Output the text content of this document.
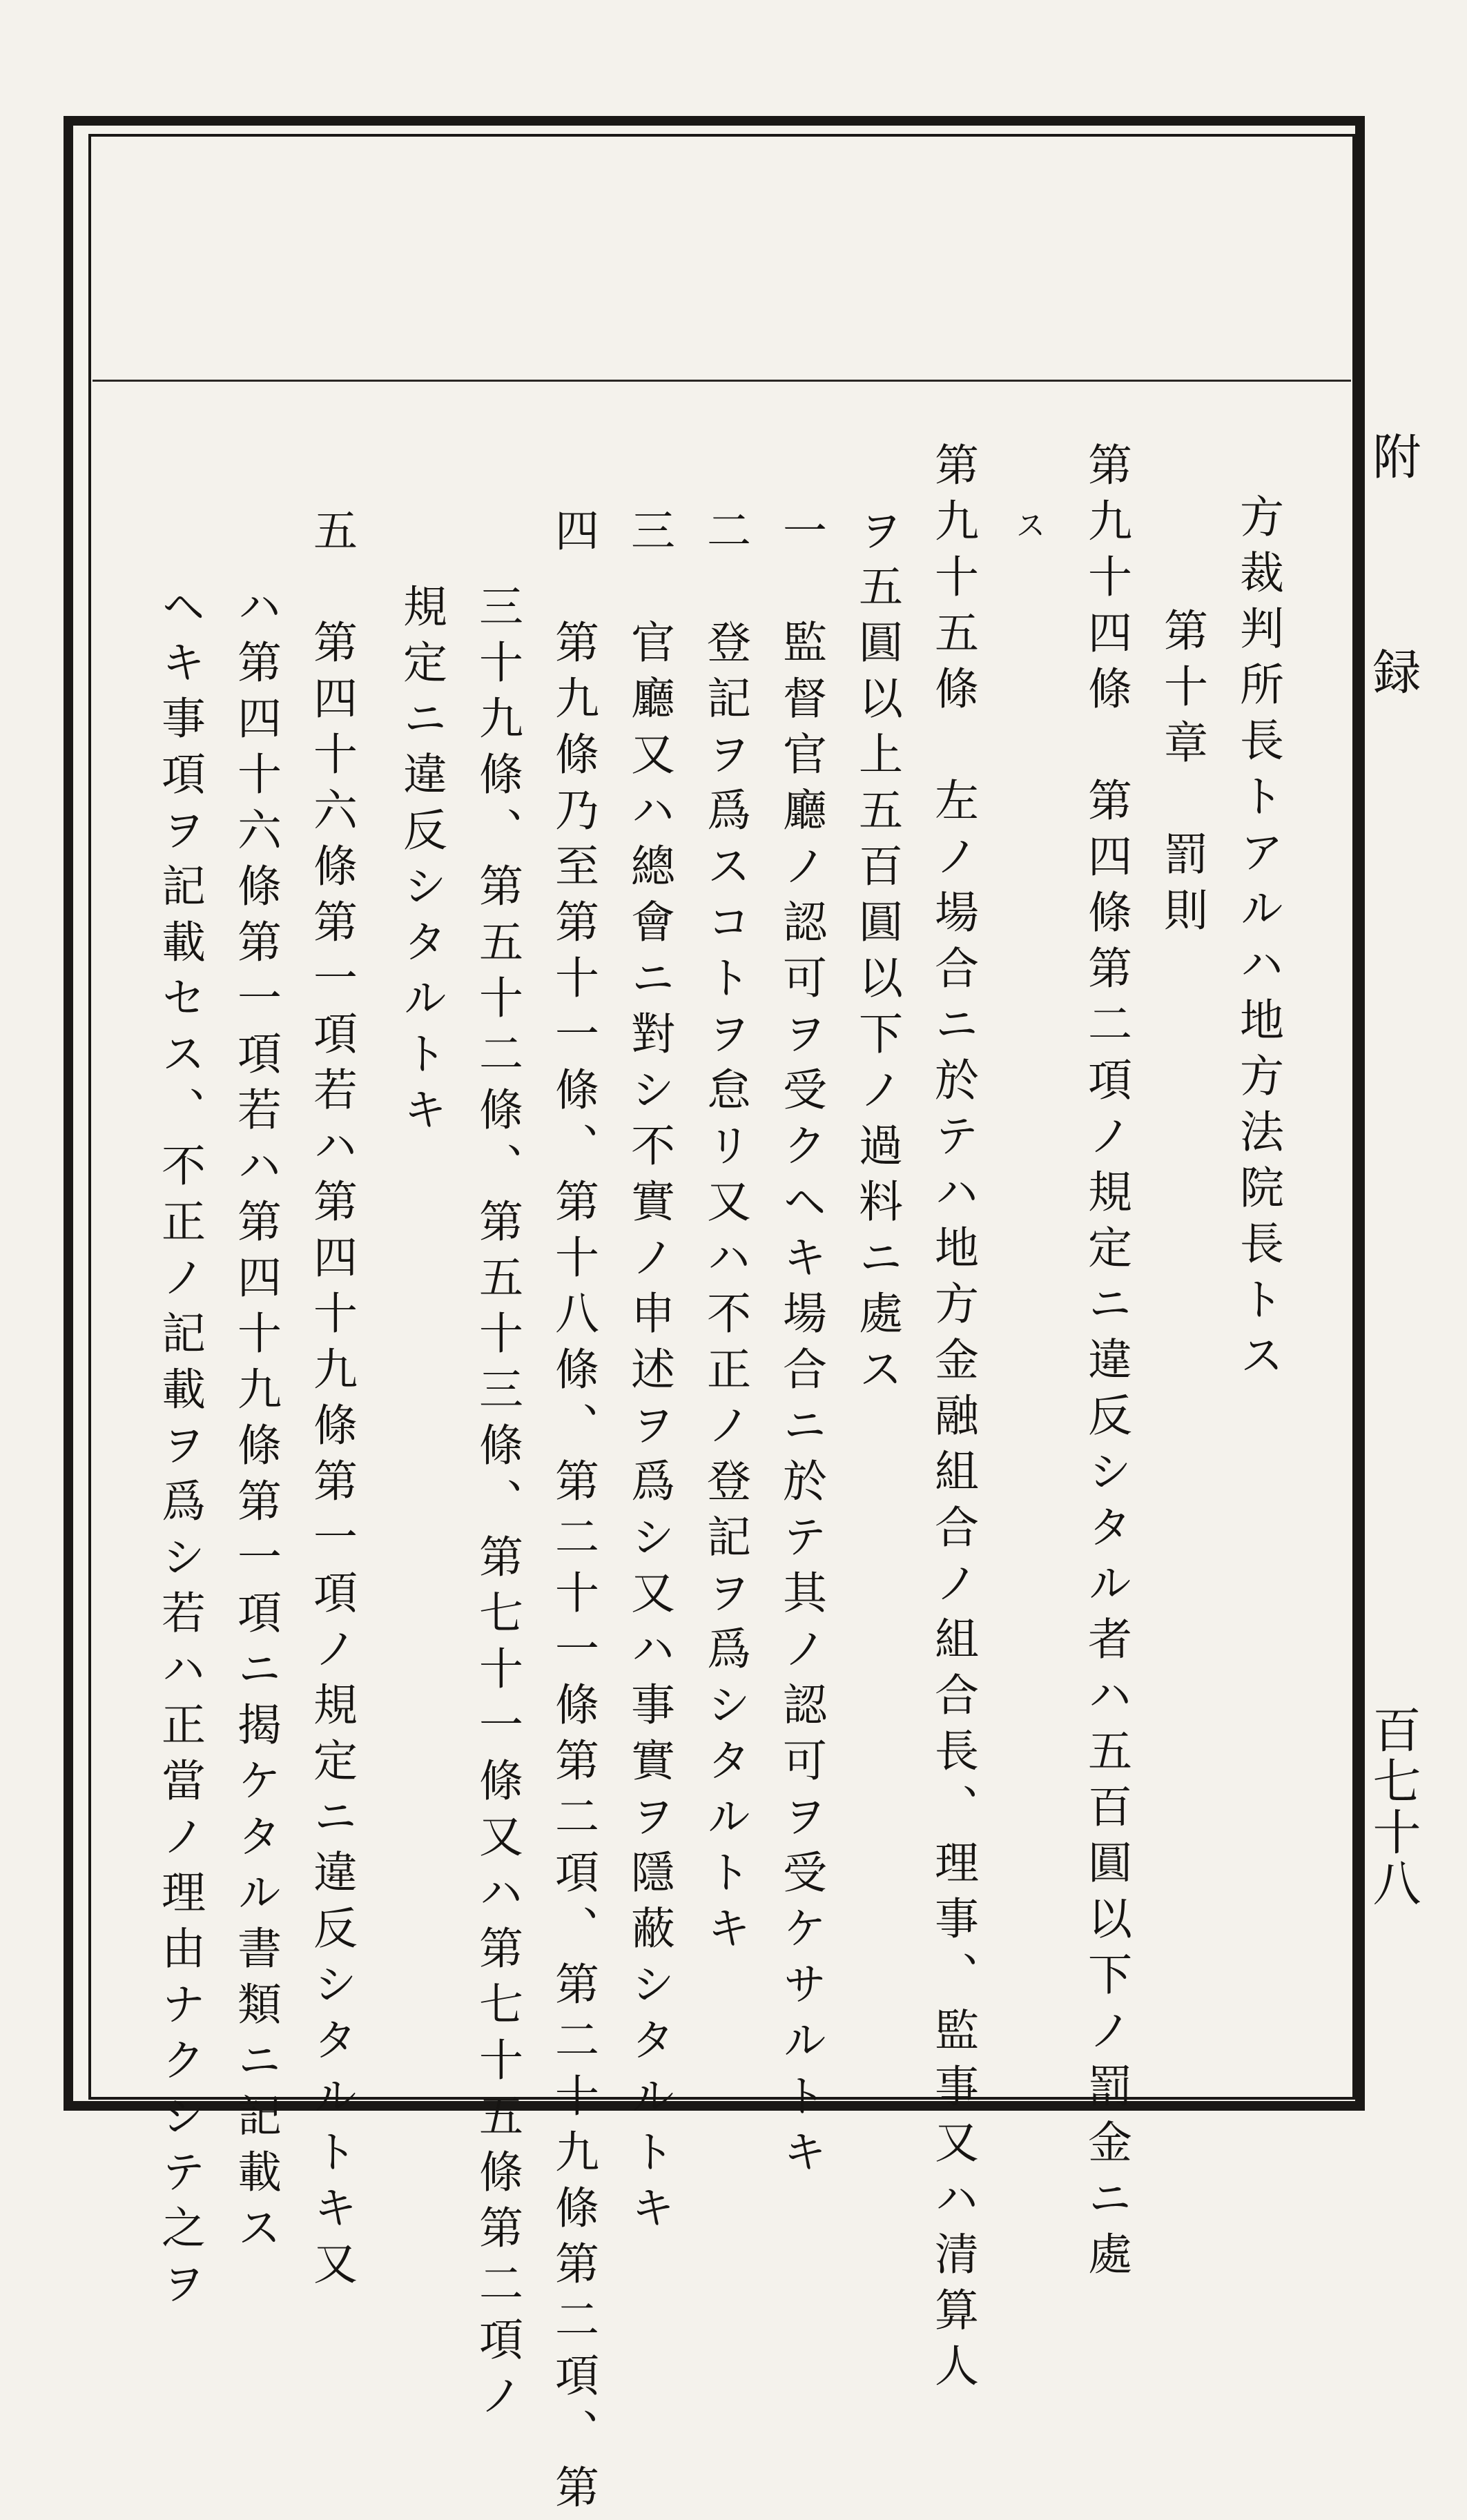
方裁判所長トアルハ地方法院長トス
第十章　罰則
第九十四條　第四條第二項ノ規定ニ違反シタル者ハ五百圓以下ノ罰金ニ處
ス
第九十五條　左ノ場合ニ於テハ地方金融組合ノ組合長、理事、監事又ハ清算人
ヲ五圓以上五百圓以下ノ過料ニ處ス
一　監督官廳ノ認可ヲ受クヘキ場合ニ於テ其ノ認可ヲ受ケサルトキ
二　登記ヲ爲スコトヲ怠リ又ハ不正ノ登記ヲ爲シタルトキ
三　官廳又ハ總會ニ對シ不實ノ申述ヲ爲シ又ハ事實ヲ隱蔽シタルトキ
四　第九條乃至第十一條、第十八條、第二十一條第二項、第二十九條第二項、第
三十九條、第五十二條、第五十三條、第七十一條又ハ第七十五條第二項ノ
規定ニ違反シタルトキ
五　第四十六條第一項若ハ第四十九條第一項ノ規定ニ違反シタルトキ又
ハ第四十六條第一項若ハ第四十九條第一項ニ揭ケタル書類ニ記載ス
ヘキ事項ヲ記載セス、不正ノ記載ヲ爲シ若ハ正當ノ理由ナクシテ之ヲ	附 録
百七十八
